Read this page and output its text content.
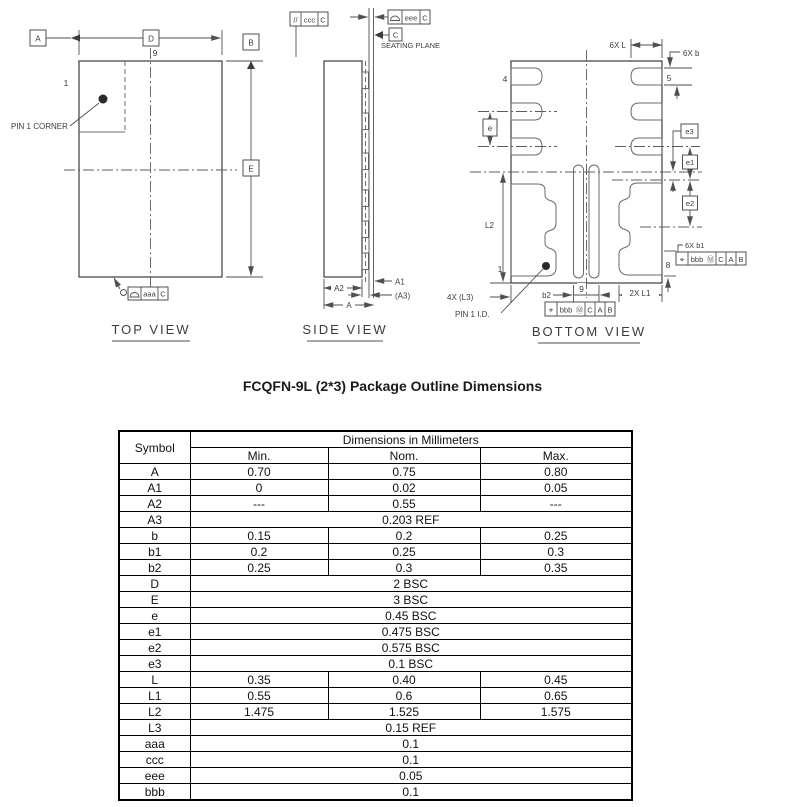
PIN 1 CORNER
1
9
D
A	B
E
aaa C
TOP VIEW
eee C
// ccc C
C
SEATING PLANE
A2
A1
(A3)
A
SIDE VIEW
6X L
6X b
4	5
e	e3
e1
e2
L2
1
PIN 1 I.D.
4X (L3)	b2
9	2X L1
⌖ bbb Ⓜ C A B
6X b1
⌖ bbb Ⓜ C A B
8
BOTTOM VIEW
FCQFN-9L (2*3) Package Outline Dimensions
Symbol	Dimensions in Millimeters		
	Min.	Nom.	Max.
A	0.70	0.75	0.80
A1	0	0.02	0.05
A2	---	0.55	---
A3	0.203 REF		
b	0.15	0.2	0.25
b1	0.2	0.25	0.3
b2	0.25	0.3	0.35
D	2 BSC		
E	3 BSC		
e	0.45 BSC		
e1	0.475 BSC		
e2	0.575 BSC		
e3	0.1 BSC		
L	0.35	0.40	0.45
L1	0.55	0.6	0.65
L2	1.475	1.525	1.575
L3	0.15 REF		
aaa	0.1		
ccc	0.1		
eee	0.05		
bbb	0.1		
